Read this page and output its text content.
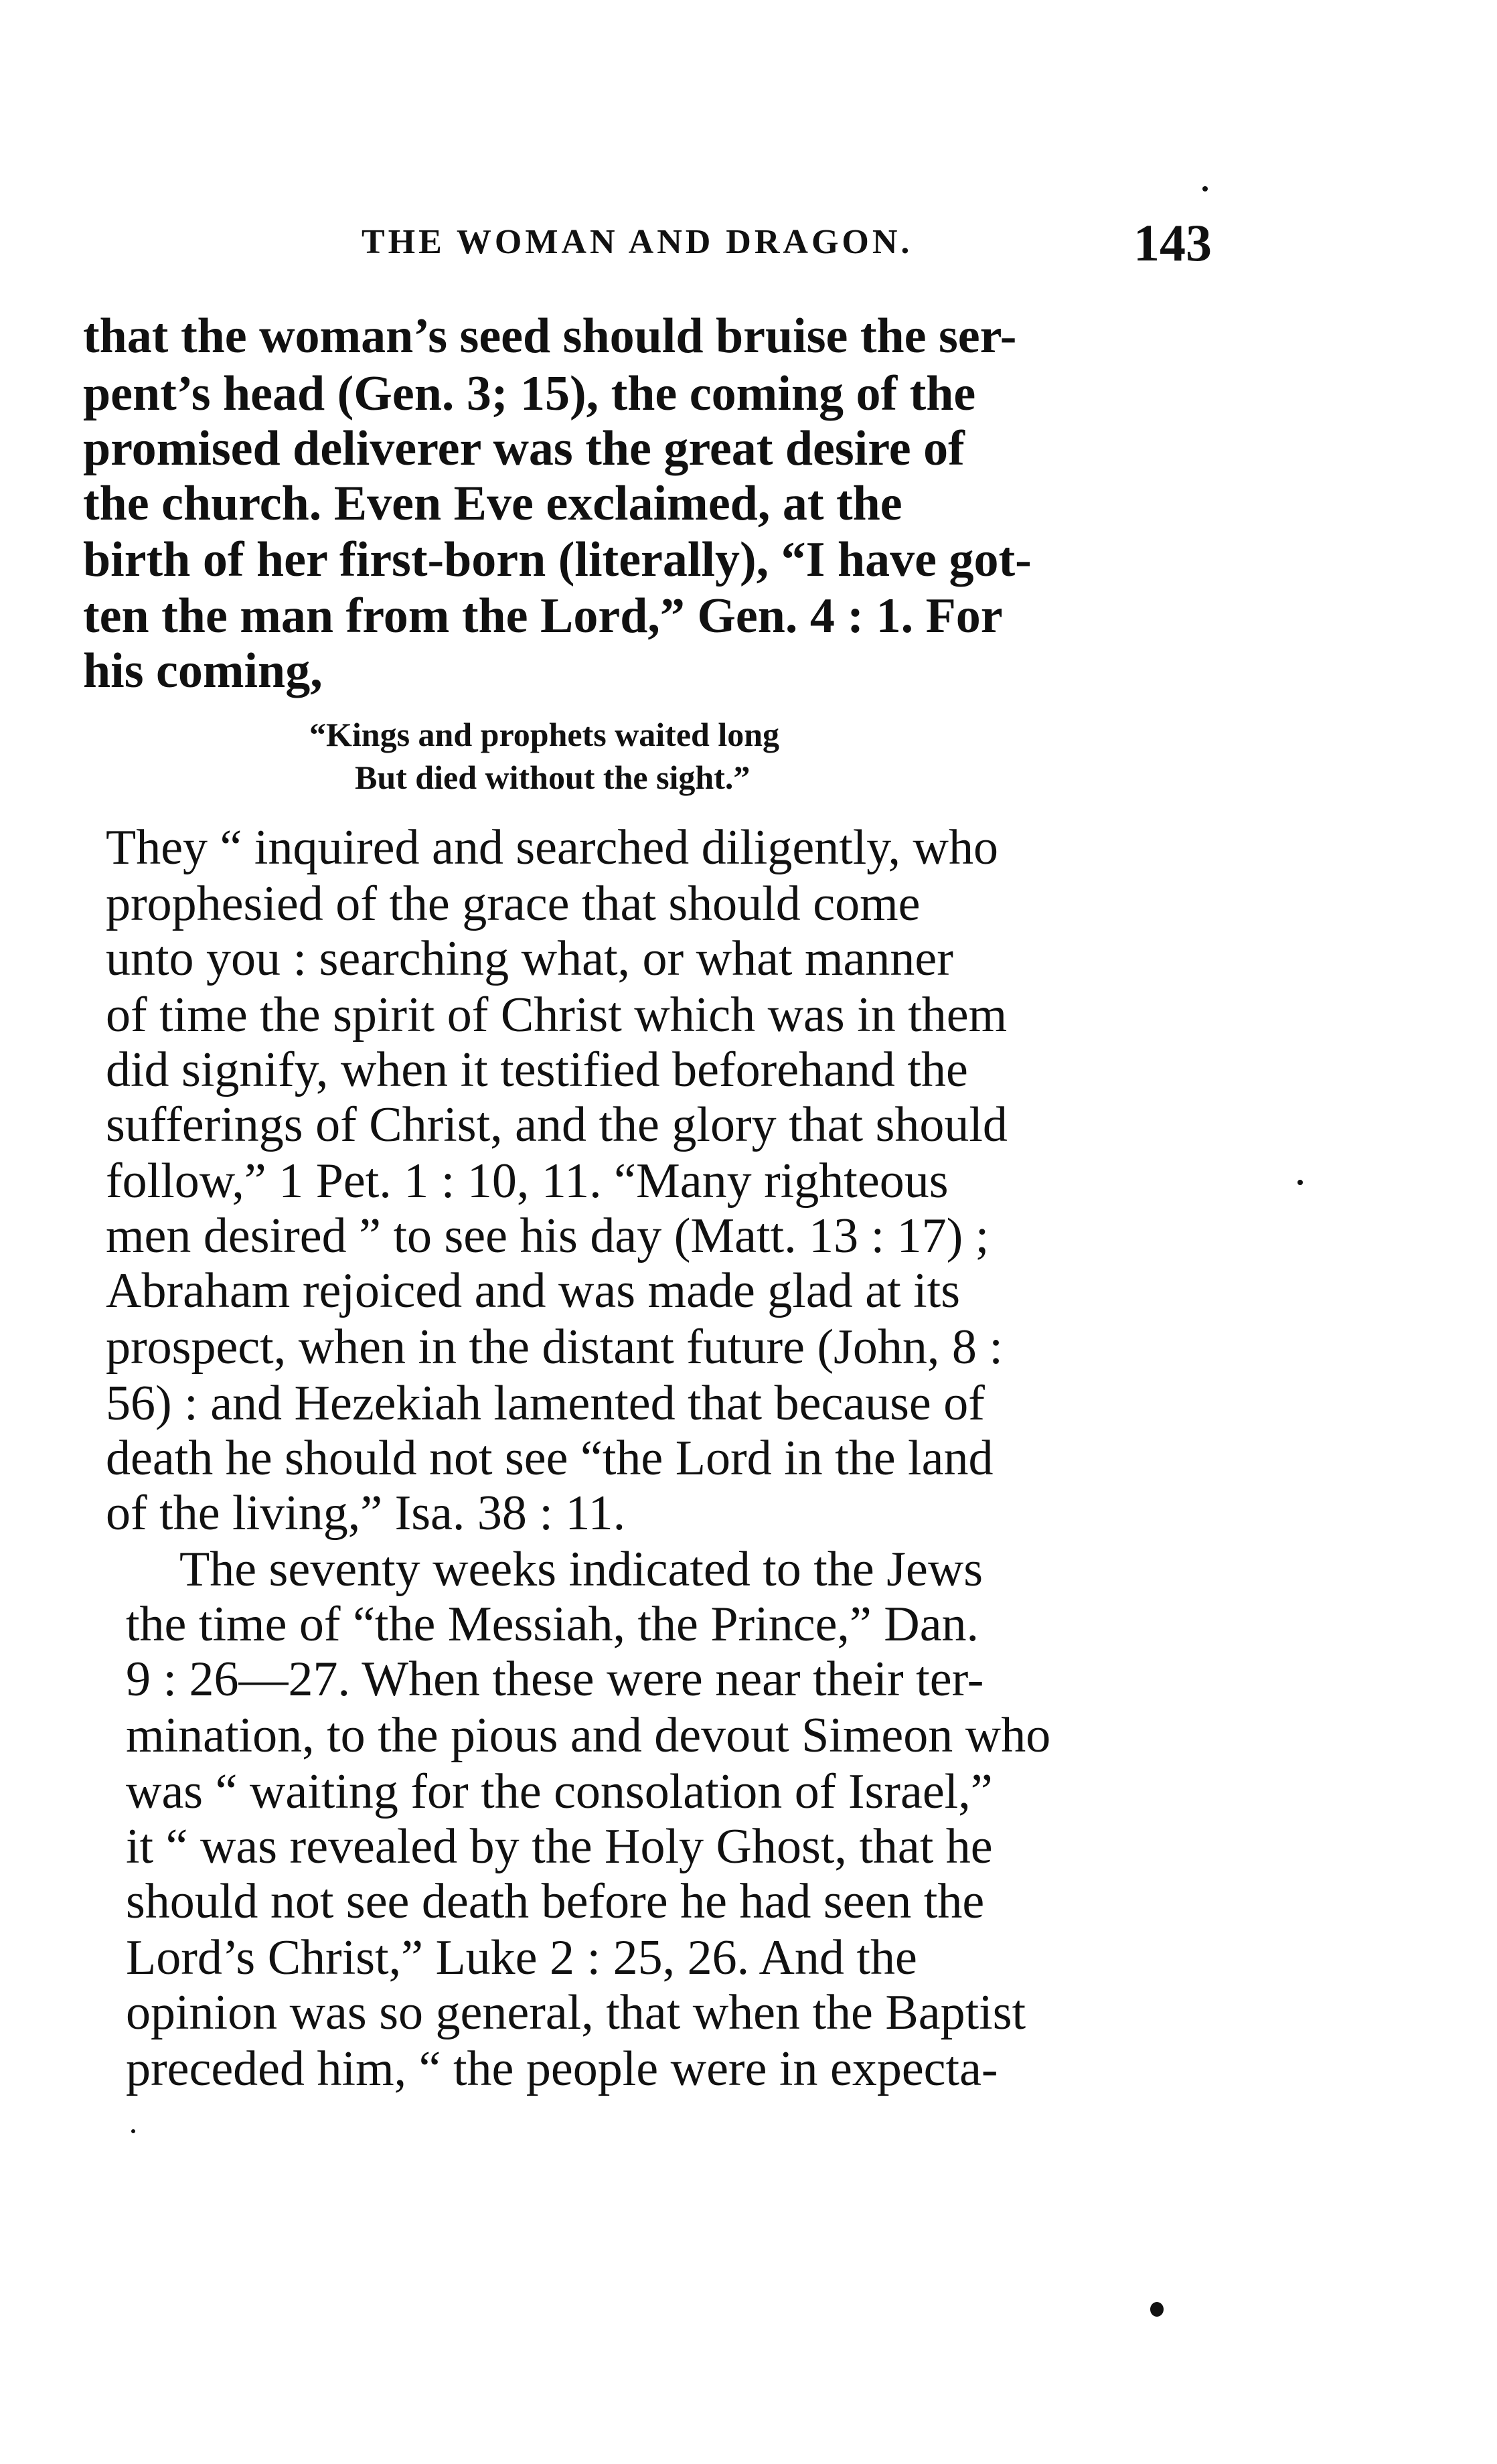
THE WOMAN AND DRAGON.	143
that the woman’s seed should bruise the ser-
pent’s head (Gen. 3; 15), the coming of the
promised deliverer was the great desire of
the church. Even Eve exclaimed, at the
birth of her first-born (literally), “I have got-
ten the man from the Lord,” Gen. 4 : 1. For
his coming,
“Kings and prophets waited long
But died without the sight.”
They “ inquired and searched diligently, who
prophesied of the grace that should come
unto you : searching what, or what manner
of time the spirit of Christ which was in them
did signify, when it testified beforehand the
sufferings of Christ, and the glory that should
follow,” 1 Pet. 1 : 10, 11. “Many righteous
men desired ” to see his day (Matt. 13 : 17) ;
Abraham rejoiced and was made glad at its
prospect, when in the distant future (John, 8 :
56) : and Hezekiah lamented that because of
death he should not see “the Lord in the land
of the living,” Isa. 38 : 11.
The seventy weeks indicated to the Jews
the time of “the Messiah, the Prince,” Dan.
9 : 26—27. When these were near their ter-
mination, to the pious and devout Simeon who
was “ waiting for the consolation of Israel,”
it “ was revealed by the Holy Ghost, that he
should not see death before he had seen the
Lord’s Christ,” Luke 2 : 25, 26. And the
opinion was so general, that when the Baptist
preceded him, “ the people were in expecta-
